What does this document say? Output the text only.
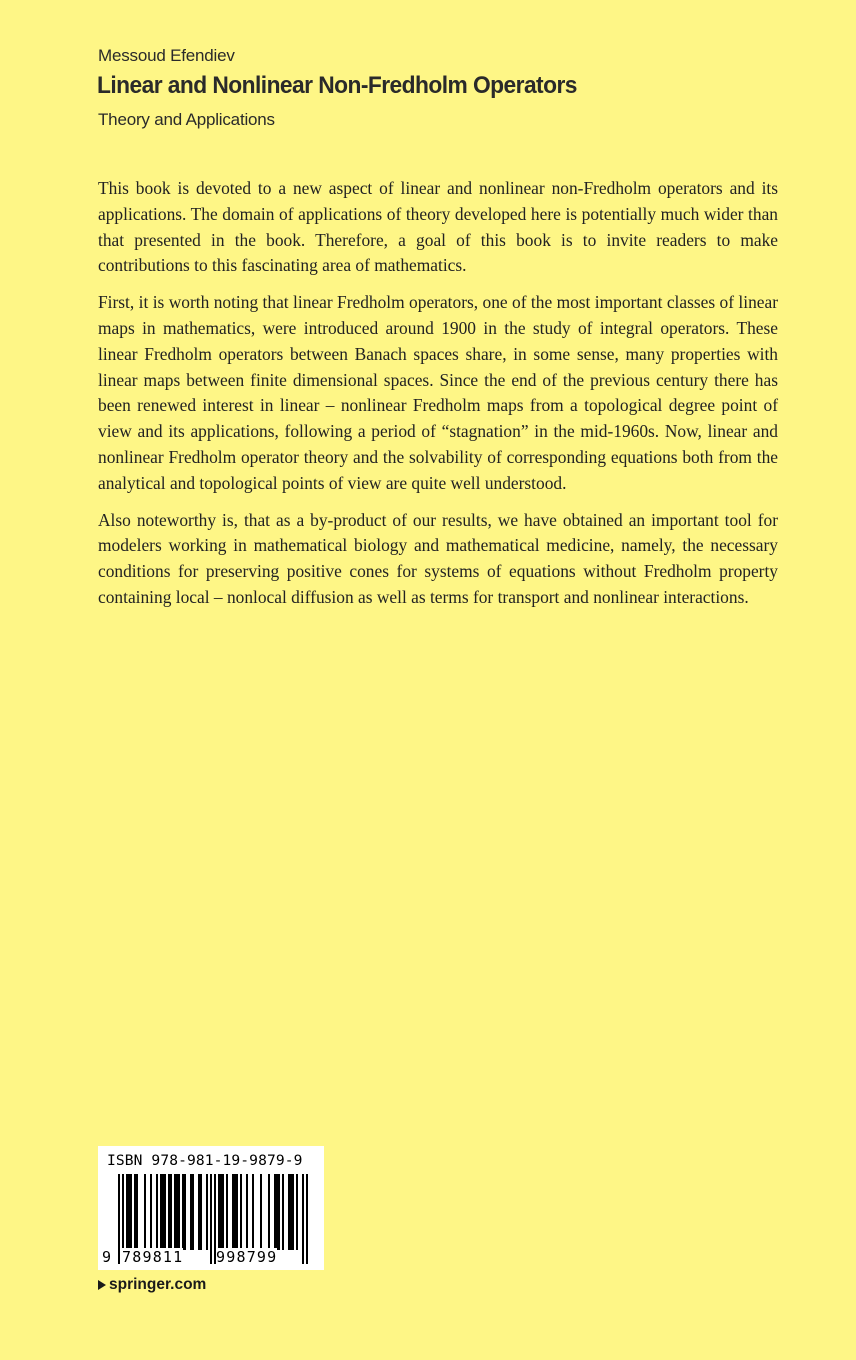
Messoud Efendiev
Linear and Nonlinear Non-Fredholm Operators
Theory and Applications

This book is devoted to a new aspect of linear and nonlinear non-Fredholm operators and its applications. The domain of applications of theory developed here is potentially much wider than that presented in the book. Therefore, a goal of this book is to invite readers to make contributions to this fascinating area of mathematics.

First, it is worth noting that linear Fredholm operators, one of the most important classes of linear maps in mathematics, were introduced around 1900 in the study of integral operators. These linear Fredholm operators between Banach spaces share, in some sense, many properties with linear maps between finite dimensional spaces. Since the end of the previous century there has been renewed interest in linear – nonlinear Fredholm maps from a topological degree point of view and its applications, following a period of “stagnation” in the mid-1960s. Now, linear and nonlinear Fredholm operator theory and the solvability of corresponding equations both from the analytical and topological points of view are quite well understood.

Also noteworthy is, that as a by-product of our results, we have obtained an important tool for modelers working in mathematical biology and mathematical medicine, namely, the necessary conditions for preserving positive cones for systems of equations without Fredholm property containing local – nonlocal diffusion as well as terms for transport and nonlinear interactions.

ISBN 978-981-19-9879-9
9 789811 998799
springer.com
